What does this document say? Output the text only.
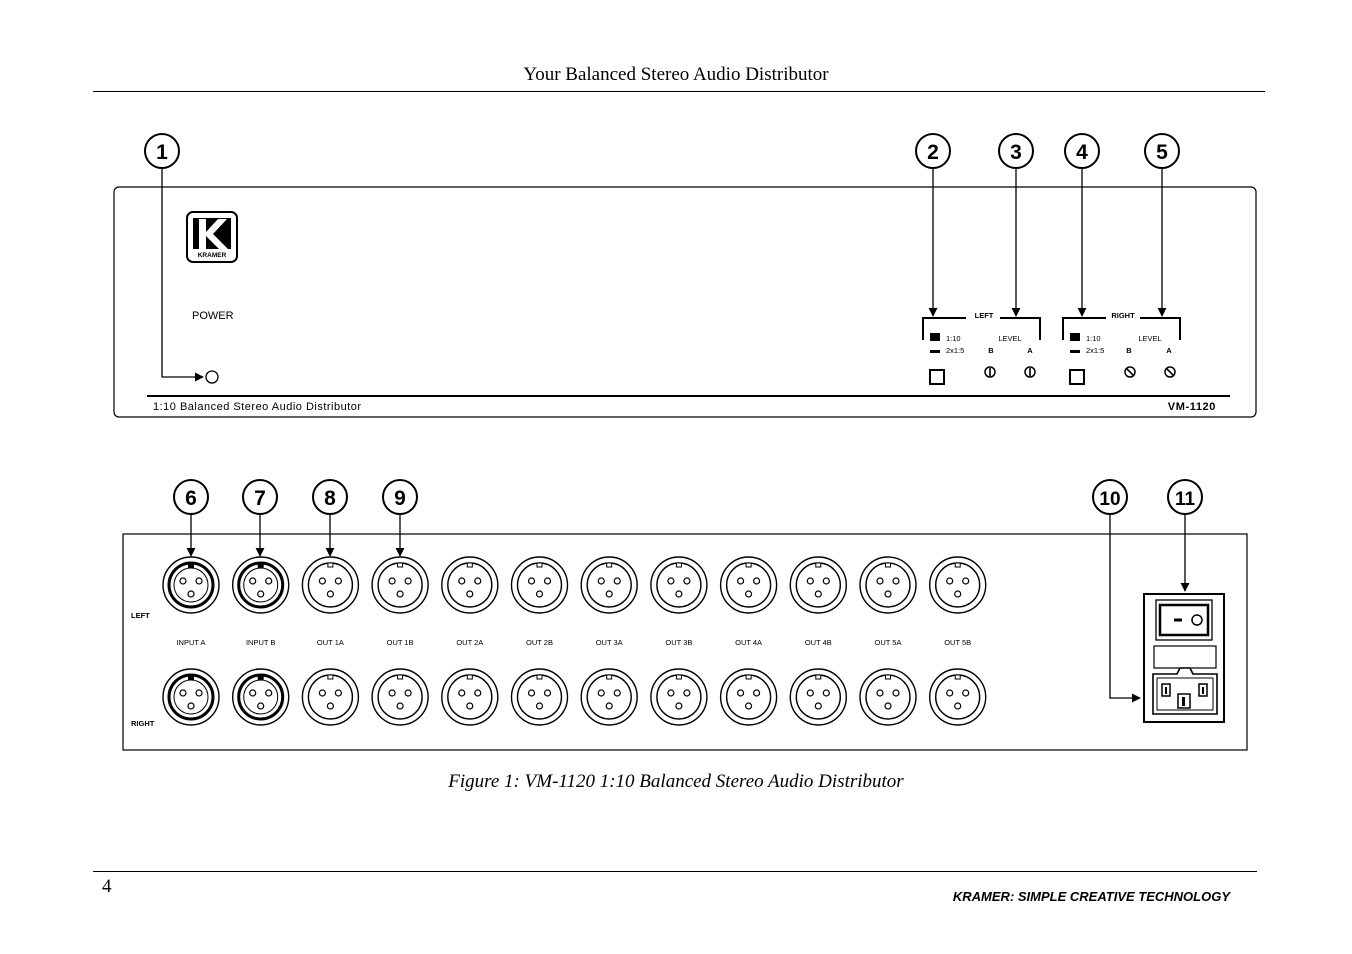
Your Balanced Stereo Audio Distributor
KRAMER
POWER
1:10 Balanced Stereo Audio Distributor	VM-1120
LEFT
1:10
2x1:5
LEVEL
B	A
RIGHT
1:10
2x1:5
LEVEL
B	A
1	2	3	4	5
LEFT
RIGHT
INPUT A	INPUT B	OUT 1A	OUT 1B	OUT 2A	OUT 2B	OUT 3A	OUT 3B	OUT 4A	OUT 4B	OUT 5A	OUT 5B
6	7	8	9	10	11
Figure 1: VM-1120 1:10 Balanced Stereo Audio Distributor
4	KRAMER: SIMPLE CREATIVE TECHNOLOGY
